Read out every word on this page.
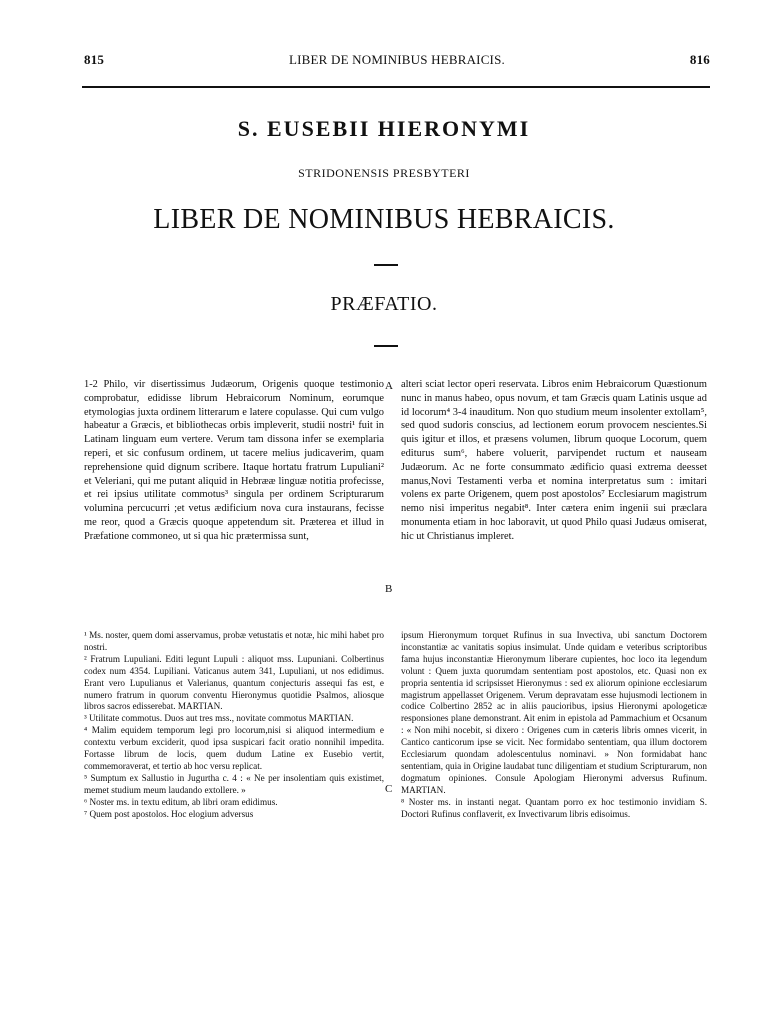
815	LIBER DE NOMINIBUS HEBRAICIS.	816
S. EUSEBII HIERONYMI
STRIDONENSIS PRESBYTERI
LIBER DE NOMINIBUS HEBRAICIS.
PRÆFATIO.
1-2 Philo, vir disertissimus Judæorum, Origenis quoque testimonio comprobatur, edidisse librum Hebraicorum Nominum, eorumque etymologias juxta ordinem litterarum e latere copulasse. Qui cum vulgo habeatur a Græcis, et bibliothecas orbis impleverit, studii nostri¹ fuit in Latinam linguam eum vertere. Verum tam dissona infer se exemplaria reperi, et sic confusum ordinem, ut tacere melius judicaverim, quam reprehensione quid dignum scribere. Itaque hortatu fratrum Lupuliani² et Veleriani, qui me putant aliquid in Hebrææ linguæ notitia profecisse, et rei ipsius utilitate commotus³ singula per ordinem Scripturarum volumina percucurri ;et vetus ædificium nova cura instaurans, fecisse me reor, quod a Græcis quoque appetendum sit. Præterea et illud in Præfatione commoneo, ut si qua hic prætermissa sunt,
alteri sciat lector operi reservata. Libros enim Hebraicorum Quæstionum nunc in manus habeo, opus novum, et tam Græcis quam Latinis usque ad id locorum⁴ 3-4 inauditum. Non quo studium meum insolenter extollam⁵, sed quod sudoris conscius, ad lectionem eorum provocem nescientes.Si quis igitur et illos, et præsens volumen, librum quoque Locorum, quem editurus sum⁶, habere voluerit, parvipendet ructum et nauseam Judæorum. Ac ne forte consummato ædificio quasi extrema deesset manus,Novi Testamenti verba et nomina interpretatus sum : imitari volens ex parte Origenem, quem post apostolos⁷ Ecclesiarum magistrum nemo nisi imperitus negabit⁸. Inter cætera enim ingenii sui præclara monumenta etiam in hoc laboravit, ut quod Philo quasi Judæus omiserat, hic ut Christianus impleret.
A
B
C
¹ Ms. noster, quem domi asservamus, probæ vetustatis et notæ, hic mihi habet pro nostri.
² Fratrum Lupuliani. Editi legunt Lupuli : aliquot mss. Lupuniani. Colbertinus codex num 4354. Lupiliani. Vaticanus autem 341, Lupuliani, ut nos edidimus. Erant vero Lupulianus et Valerianus, quantum conjecturis assequi fas est, e numero fratrum in quorum conventu Hieronymus quotidie Psalmos, aliosque libros sacros edisserebat. MARTIAN.
³ Utilitate commotus. Duos aut tres mss., novitate commotus MARTIAN.
⁴ Malim equidem temporum legi pro locorum,nisi si aliquod intermedium e contextu verbum exciderit, quod ipsa suspicari facit oratio nonnihil impedita. Fortasse librum de locis, quem dudum Latine ex Eusebio vertit, commemoraverat, et tertio ab hoc versu replicat.
⁵ Sumptum ex Sallustio in Jugurtha c. 4 : « Ne per insolentiam quis existimet, memet studium meum laudando extollere. »
⁶ Noster ms. in textu editum, ab libri oram edidimus.
⁷ Quem post apostolos. Hoc elogium adversus
ipsum Hieronymum torquet Rufinus in sua Invectiva, ubi sanctum Doctorem inconstantiæ ac vanitatis sopius insimulat. Unde quidam e veteribus scriptoribus fama hujus inconstantiæ Hieronymum liberare cupientes, hoc loco ita legendum volunt : Quem juxta quorumdam sententiam post apostolos, etc. Quasi non ex propria sententia id scripsisset Hieronymus : sed ex aliorum opinione ecclesiarum magistrum appellasset Origenem. Verum depravatam esse hujusmodi lectionem in codice Colbertino 2852 ac in aliis paucioribus, ipsius Hieronymi apologeticæ responsiones plane demonstrant. Ait enim in epistola ad Pammachium et Ocsanum : « Non mihi nocebit, si dixero : Origenes cum in cæteris libris omnes vicerit, in Cantico canticorum ipse se vicit. Nec formidabo sententiam, qua illum doctorem Ecclesiarum quondam adolescentulus nominavi. » Non formidabat hanc sententiam, quia in Origine laudabat tunc diligentiam et studium Scripturarum, non dogmatum opiniones. Consule Apologiam Hieronymi adversus Rufinum. MARTIAN.
⁸ Noster ms. in instanti negat. Quantam porro ex hoc testimonio invidiam S. Doctori Rufinus conflaverit, ex Invectivarum libris edisoimus.
